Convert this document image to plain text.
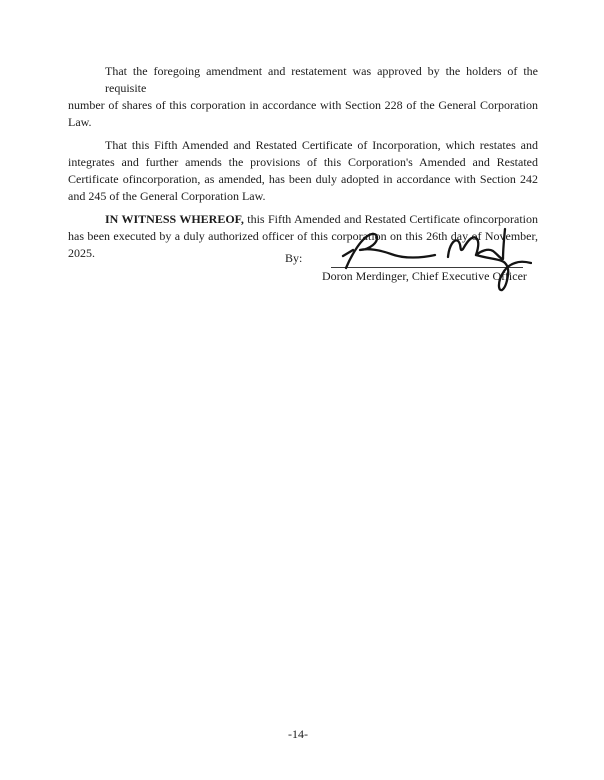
That the foregoing amendment and restatement was approved by the holders of the requisite
number of shares of this corporation in accordance with Section 228 of the General Corporation
Law.
That this Fifth Amended and Restated Certificate of Incorporation, which restates and
integrates and further amends the provisions of this Corporation's Amended and Restated
Certificate ofincorporation, as amended, has been duly adopted in accordance with Section 242
and 245 of the General Corporation Law.
IN WITNESS WHEREOF, this Fifth Amended and Restated Certificate ofincorporation
has been executed by a duly authorized officer of this corporation on this 26th day of November,
2025.	By:
Doron Merdinger, Chief Executive Officer
-14-
